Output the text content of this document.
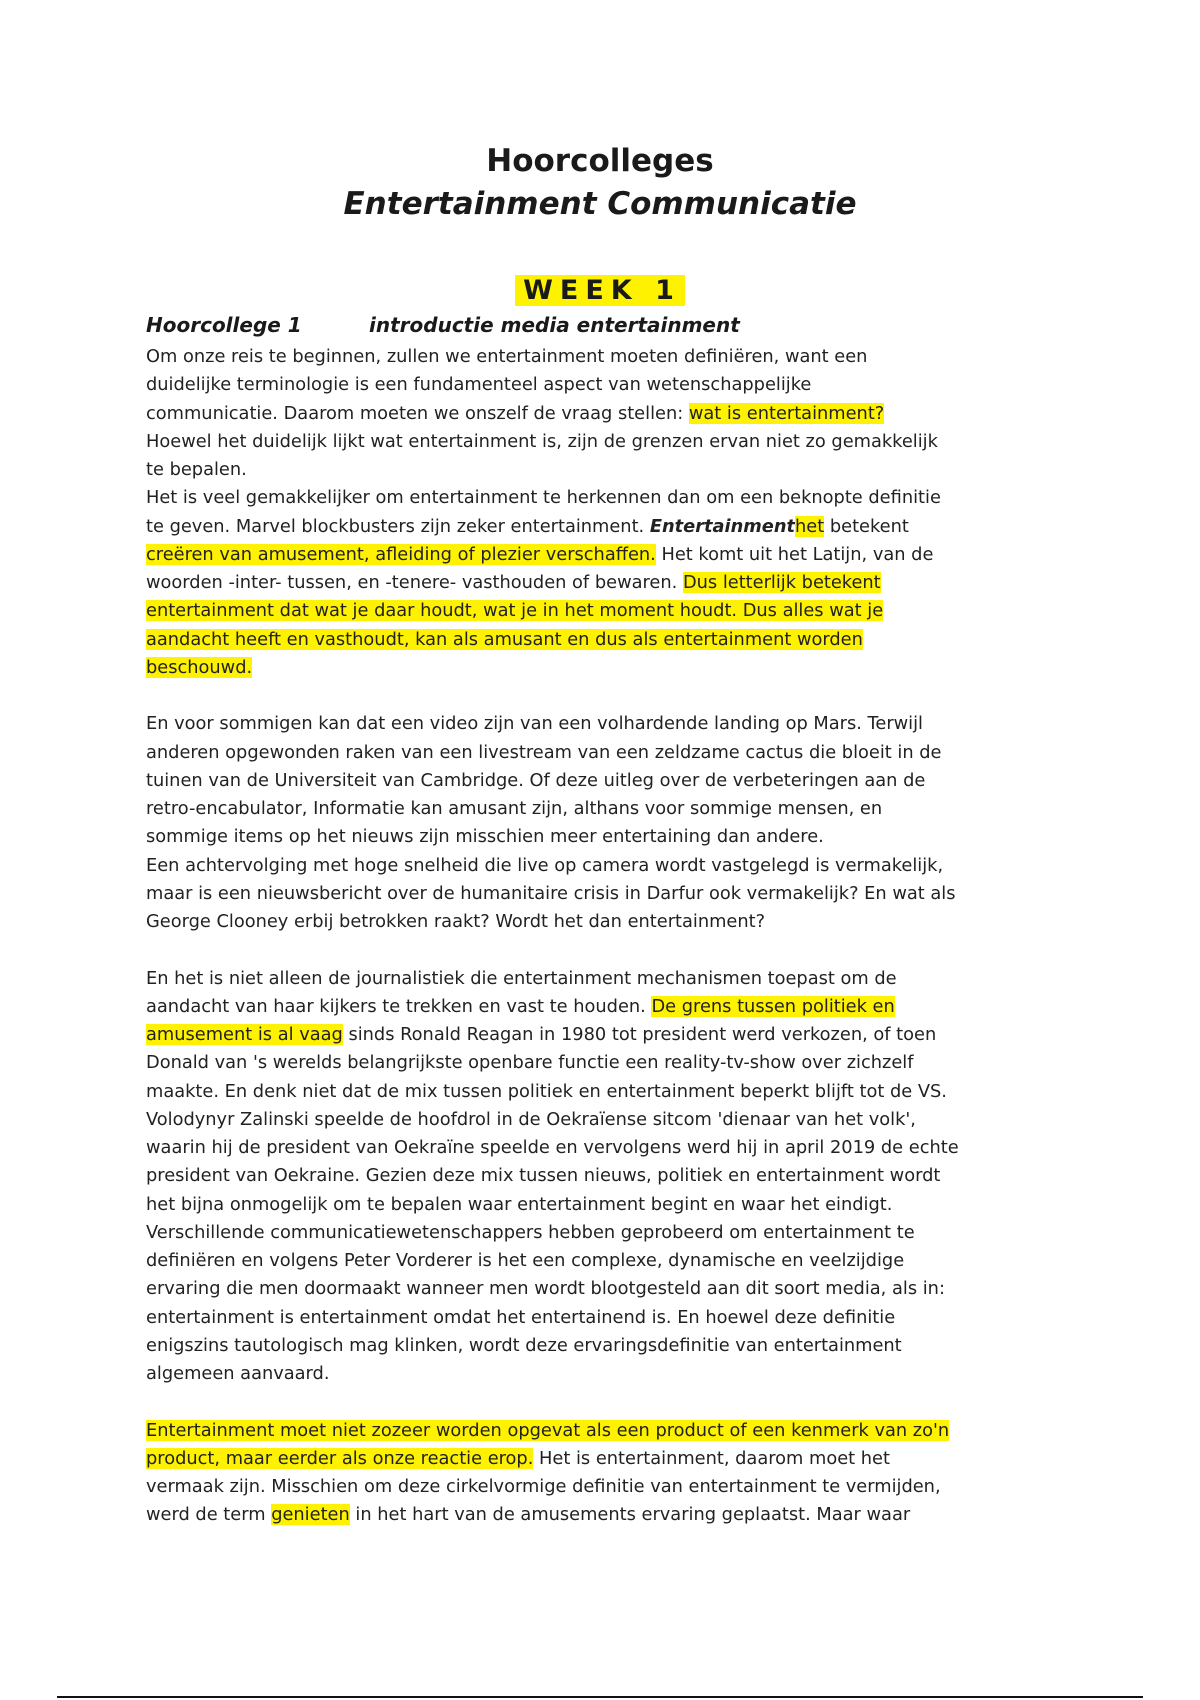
Hoorcolleges
Entertainment Communicatie
WEEK 1
Hoorcollege 1	introductie media entertainment

Om onze reis te beginnen, zullen we entertainment moeten definiëren, want een
duidelijke terminologie is een fundamenteel aspect van wetenschappelijke
communicatie. Daarom moeten we onszelf de vraag stellen: wat is entertainment?
Hoewel het duidelijk lijkt wat entertainment is, zijn de grenzen ervan niet zo gemakkelijk
te bepalen.
Het is veel gemakkelijker om entertainment te herkennen dan om een beknopte definitie
te geven. Marvel blockbusters zijn zeker entertainment. Entertainmenthet betekent
creëren van amusement, afleiding of plezier verschaffen. Het komt uit het Latijn, van de
woorden -inter- tussen, en -tenere- vasthouden of bewaren. Dus letterlijk betekent
entertainment dat wat je daar houdt, wat je in het moment houdt. Dus alles wat je
aandacht heeft en vasthoudt, kan als amusant en dus als entertainment worden
beschouwd.

En voor sommigen kan dat een video zijn van een volhardende landing op Mars. Terwijl
anderen opgewonden raken van een livestream van een zeldzame cactus die bloeit in de
tuinen van de Universiteit van Cambridge. Of deze uitleg over de verbeteringen aan de
retro-encabulator, Informatie kan amusant zijn, althans voor sommige mensen, en
sommige items op het nieuws zijn misschien meer entertaining dan andere.
Een achtervolging met hoge snelheid die live op camera wordt vastgelegd is vermakelijk,
maar is een nieuwsbericht over de humanitaire crisis in Darfur ook vermakelijk? En wat als
George Clooney erbij betrokken raakt? Wordt het dan entertainment?

En het is niet alleen de journalistiek die entertainment mechanismen toepast om de
aandacht van haar kijkers te trekken en vast te houden. De grens tussen politiek en
amusement is al vaag sinds Ronald Reagan in 1980 tot president werd verkozen, of toen
Donald van 's werelds belangrijkste openbare functie een reality-tv-show over zichzelf
maakte. En denk niet dat de mix tussen politiek en entertainment beperkt blijft tot de VS.
Volodynyr Zalinski speelde de hoofdrol in de Oekraïense sitcom 'dienaar van het volk',
waarin hij de president van Oekraïne speelde en vervolgens werd hij in april 2019 de echte
president van Oekraine. Gezien deze mix tussen nieuws, politiek en entertainment wordt
het bijna onmogelijk om te bepalen waar entertainment begint en waar het eindigt.
Verschillende communicatiewetenschappers hebben geprobeerd om entertainment te
definiëren en volgens Peter Vorderer is het een complexe, dynamische en veelzijdige
ervaring die men doormaakt wanneer men wordt blootgesteld aan dit soort media, als in:
entertainment is entertainment omdat het entertainend is. En hoewel deze definitie
enigszins tautologisch mag klinken, wordt deze ervaringsdefinitie van entertainment
algemeen aanvaard.

Entertainment moet niet zozeer worden opgevat als een product of een kenmerk van zo'n
product, maar eerder als onze reactie erop. Het is entertainment, daarom moet het
vermaak zijn. Misschien om deze cirkelvormige definitie van entertainment te vermijden,
werd de term genieten in het hart van de amusements ervaring geplaatst. Maar waar
